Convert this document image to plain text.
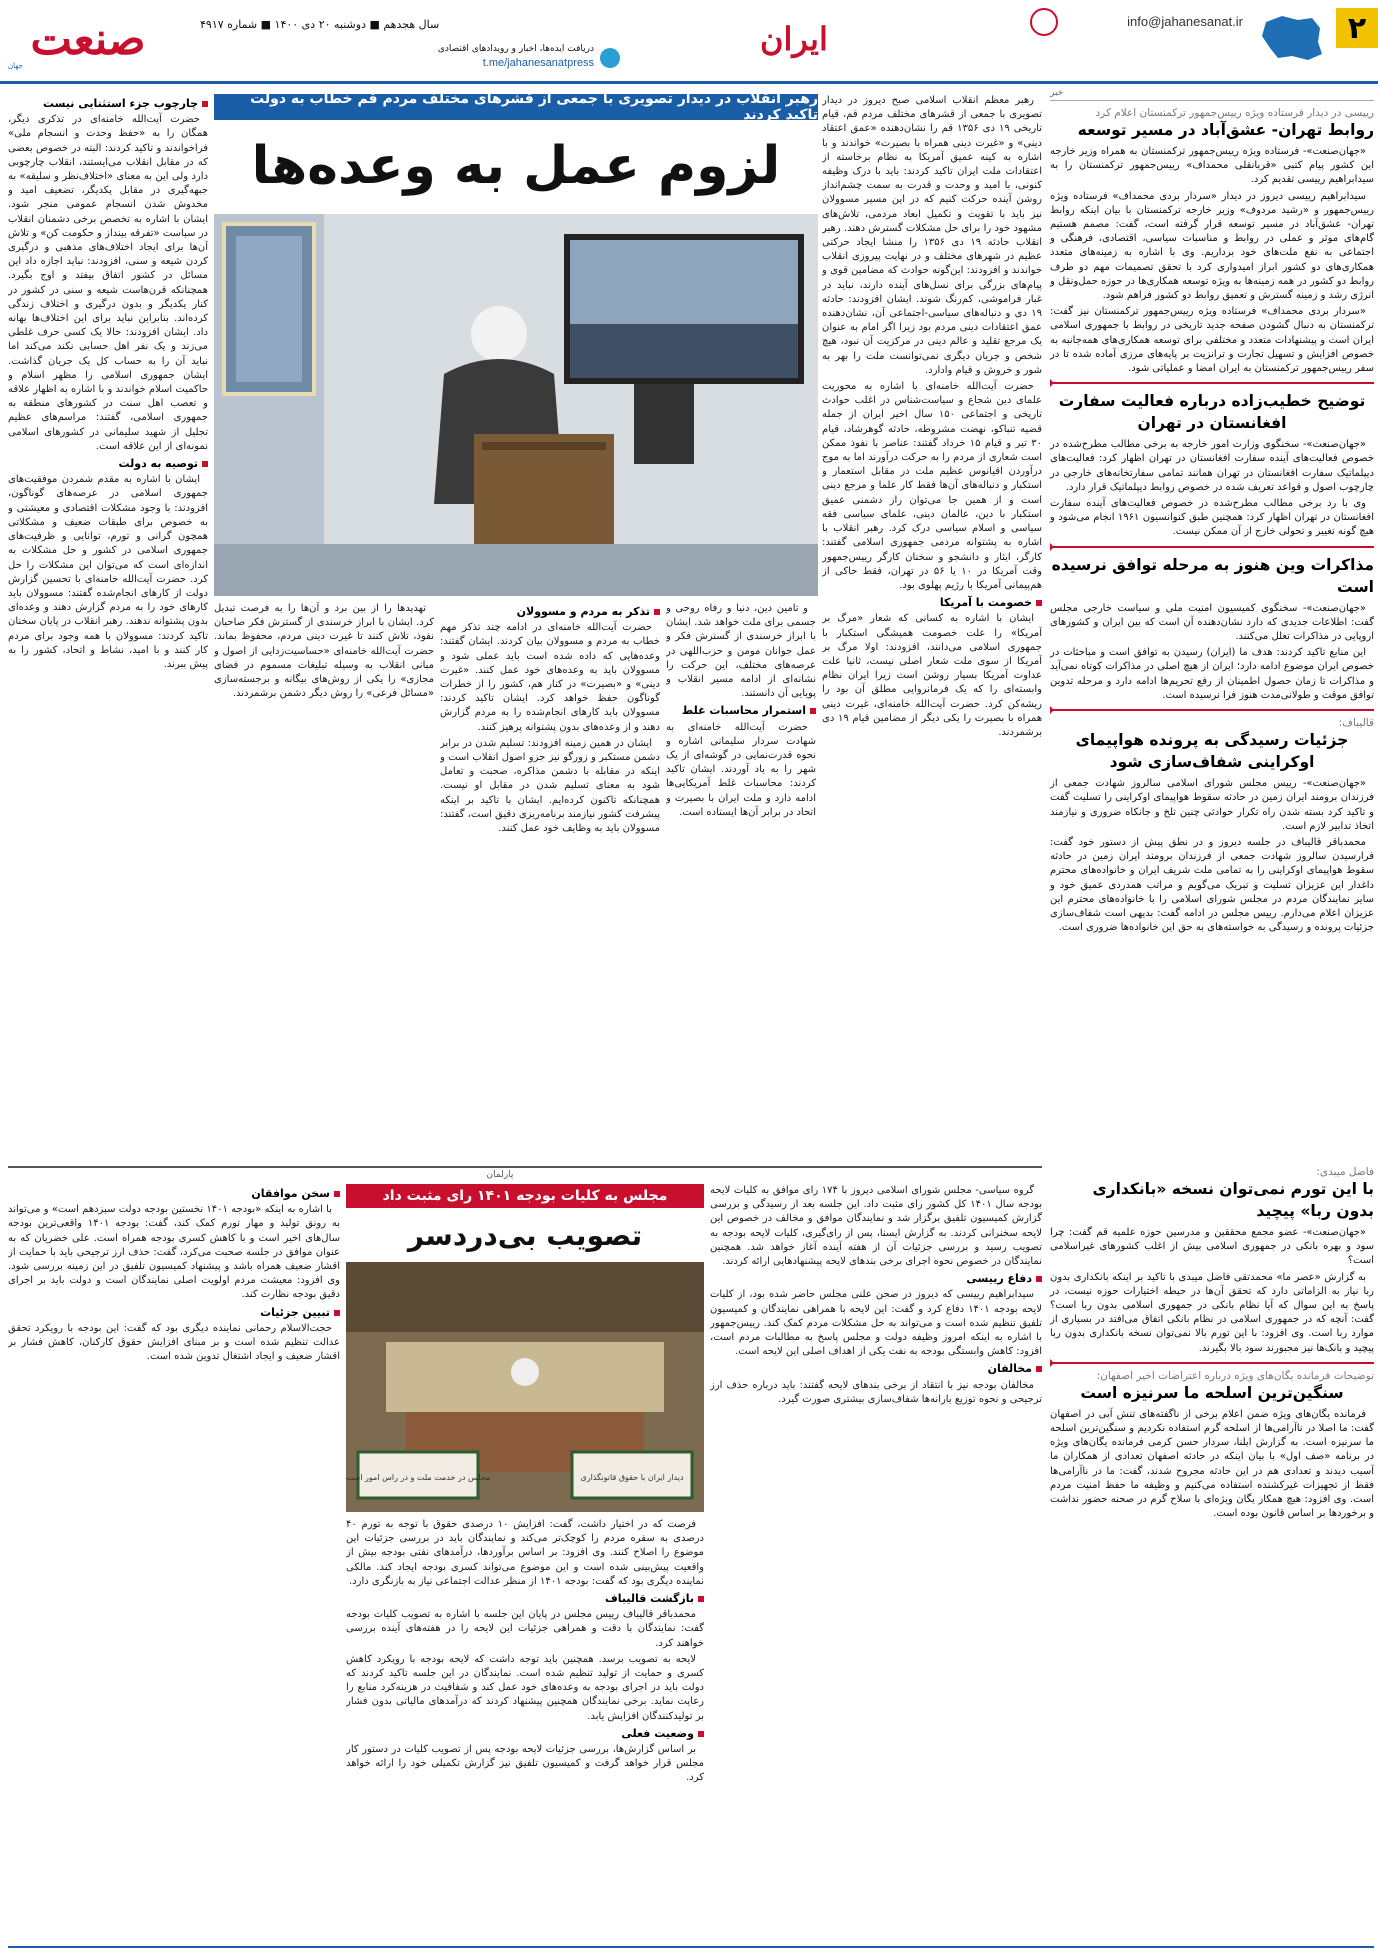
۲
info@jahanesanat.ir
ایران
دریافت ایده‌ها، اخبار و رویدادهای اقتصادی
t.me/jahanesanatpress
سال هجدهم ■ دوشنبه ۲۰ دی ۱۴۰۰ ■ شماره ۴۹۱۷
صنعت
جهان
خبر
رییسی در دیدار فرستاده ویژه رییس‌جمهور ترکمنستان اعلام کرد
روابط تهران- عشق‌آباد در مسیر توسعه

«جهان‌صنعت»- فرستاده ویژه رییس‌جمهور ترکمنستان به همراه وزیر خارجه این کشور پیام کتبی «قربانقلی محمداف» رییس‌جمهور ترکمنستان را به سیدابراهیم رییسی تقدیم کرد.

سیدابراهیم رییسی دیروز در دیدار «سردار بردی محمداف» فرستاده ویژه رییس‌جمهور و «رشید مردوف» وزیر خارجه ترکمنستان با بیان اینکه روابط تهران- عشق‌آباد در مسیر توسعه قرار گرفته است، گفت: مصمم هستیم گام‌های موثر و عملی در روابط و مناسبات سیاسی، اقتصادی، فرهنگی و اجتماعی به نفع ملت‌های خود برداریم. وی با اشاره به زمینه‌های متعدد همکاری‌های دو کشور ابراز امیدواری کرد با تحقق تصمیمات مهم دو طرف روابط دو کشور در همه زمینه‌ها به ویژه توسعه همکاری‌ها در حوزه حمل‌ونقل و انرژی رشد و زمینه گسترش و تعمیق روابط دو کشور فراهم شود.

«سردار بردی محمداف» فرستاده ویژه رییس‌جمهور ترکمنستان نیز گفت: ترکمنستان به دنبال گشودن صفحه جدید تاریخی در روابط با جمهوری اسلامی ایران است و پیشنهادات متعدد و مختلفی برای توسعه همکاری‌های همه‌جانبه به خصوص افزایش و تسهیل تجارت و ترانزیت بر پایه‌های مرزی آماده شده تا در سفر رییس‌جمهور ترکمنستان به ایران امضا و عملیاتی شود.

توضیح خطیب‌زاده درباره فعالیت سفارت افغانستان در تهران

«جهان‌صنعت»- سخنگوی وزارت امور خارجه به برخی مطالب مطرح‌شده در خصوص فعالیت‌های آینده سفارت افغانستان در تهران اظهار کرد: فعالیت‌های دیپلماتیک سفارت افغانستان در تهران همانند تمامی سفارتخانه‌های خارجی در چارچوب اصول و قواعد تعریف شده در خصوص روابط دیپلماتیک قرار دارد.

وی با رد برخی مطالب مطرح‌شده در خصوص فعالیت‌های آینده سفارت افغانستان در تهران اظهار کرد: همچنین طبق کنوانسیون ۱۹۶۱ انجام می‌شود و هیچ گونه تغییر و تحولی خارج از آن ممکن نیست.

مذاکرات وین هنوز به مرحله توافق نرسیده است

«جهان‌صنعت»- سخنگوی کمیسیون امنیت ملی و سیاست خارجی مجلس گفت: اطلاعات جدیدی که دارد نشان‌دهنده آن است که بین ایران و کشورهای اروپایی در مذاکرات تعلل می‌کنند.

این منابع تاکید کردند: هدف ما (ایران) رسیدن به توافق است و مباحثات در خصوص ایران موضوع ادامه دارد؛ ایران از هیچ اصلی در مذاکرات کوتاه نمی‌آید و مذاکرات تا زمان حصول اطمینان از رفع تحریم‌ها ادامه دارد و مرحله تدوین توافق موقت و طولانی‌مدت هنوز فرا نرسیده است.

قالیباف:
جزئیات رسیدگی به پرونده هواپیمای اوکراینی شفاف‌سازی شود

«جهان‌صنعت»- رییس مجلس شورای اسلامی سالروز شهادت جمعی از فرزندان برومند ایران زمین در حادثه سقوط هواپیمای اوکراینی را تسلیت گفت و تاکید کرد بسته شدن راه تکرار حوادثی چنین تلخ و جانکاه ضروری و نیازمند اتخاذ تدابیر لازم است.

محمدباقر قالیباف در جلسه دیروز و در نطق پیش از دستور خود گفت: فرارسیدن سالروز شهادت جمعی از فرزندان برومند ایران زمین در حادثه سقوط هواپیمای اوکراینی را به تمامی ملت شریف ایران و خانواده‌های محترم داغدار این عزیزان تسلیت و تبریک می‌گویم و مراتب همدردی عمیق خود و سایر نمایندگان مردم در مجلس شورای اسلامی را با خانواده‌های محترم این عزیزان اعلام می‌دارم. رییس مجلس در ادامه گفت: بدیهی است شفاف‌سازی جزئیات پرونده و رسیدگی به خواسته‌های به حق این خانواده‌ها ضروری است.

فاضل میبدی:
با این تورم نمی‌توان نسخه «بانکداری بدون ربا» پیچید

«جهان‌صنعت»- عضو مجمع محققین و مدرسین حوزه علمیه قم گفت: چرا سود و بهره بانکی در جمهوری اسلامی بیش از اغلب کشورهای غیراسلامی است؟

به گزارش «عصر ما» محمدتقی فاضل میبدی با تاکید بر اینکه بانکداری بدون ربا نیاز به الزاماتی دارد که تحقق آن‌ها در حیطه اختیارات حوزه نیست، در پاسخ به این سوال که آیا نظام بانکی در جمهوری اسلامی بدون ربا است؟ گفت: آنچه که در جمهوری اسلامی در نظام بانکی اتفاق می‌افتد در بسیاری از موارد ربا است. وی افزود: با این تورم بالا نمی‌توان نسخه بانکداری بدون ربا پیچید و بانک‌ها نیز مجبورند سود بالا بگیرند.

توضیحات فرمانده یگان‌های ویژه درباره اعتراضات اخیر اصفهان:
سنگین‌ترین اسلحه ما سرنیزه است

فرمانده یگان‌های ویژه ضمن اعلام برخی از ناگفته‌های تنش آبی در اصفهان گفت: ما اصلا در ناآرامی‌ها از اسلحه گرم استفاده نکردیم و سنگین‌ترین اسلحه ما سرنیزه است. به گزارش ایلنا، سردار حسن کرمی فرمانده یگان‌های ویژه در برنامه «صف اول» با بیان اینکه در حادثه اصفهان تعدادی از همکاران ما آسیب دیدند و تعدادی هم در این حادثه مجروح شدند، گفت: ما در ناآرامی‌ها فقط از تجهیزات غیرکشنده استفاده می‌کنیم و وظیفه ما حفظ امنیت مردم است. وی افزود: هیچ همکار یگان ویژه‌ای با سلاح گرم در صحنه حضور نداشت و برخوردها بر اساس قانون بوده است.

رهبر انقلاب در دیدار تصویری با جمعی از قشرهای مختلف مردم قم خطاب به دولت تاکید کردند
لزوم عمل به وعده‌ها

رهبر معظم انقلاب اسلامی صبح دیروز در دیدار تصویری با جمعی از قشرهای مختلف مردم قم، قیام تاریخی ۱۹ دی ۱۳۵۶ قم را نشان‌دهنده «عمق اعتقاد دینی» و «غیرت دینی همراه با بصیرت» خواندند و با اشاره به کینه عمیق آمریکا به نظام برخاسته از اعتقادات ملت ایران تاکید کردند: باید با درک وظیفه کنونی، با امید و وحدت و قدرت به سمت چشم‌انداز روشن آینده حرکت کنیم که در این مسیر مسوولان نیز باید با تقویت و تکمیل ابعاد مردمی، تلاش‌های مشهود خود را برای حل مشکلات گسترش دهند. رهبر انقلاب حادثه ۱۹ دی ۱۳۵۶ را منشا ایجاد حرکتی عظیم در شهرهای مختلف و در نهایت پیروزی انقلاب خواندند و افزودند: این‌گونه حوادث که مضامین قوی و پیام‌های بزرگی برای نسل‌های آینده دارند، نباید در غبار فراموشی، کم‌رنگ شوند. ایشان افزودند: حادثه ۱۹ دی و دنباله‌های سیاسی-اجتماعی آن، نشان‌دهنده عمق اعتقادات دینی مردم بود زیرا اگر امام به عنوان یک مرجع تقلید و عالم دینی در مرکزیت آن نبود، هیچ شخص و جریان دیگری نمی‌توانست ملت را بهر به شور و خروش و قیام وادارد.

حضرت آیت‌الله خامنه‌ای با اشاره به محوریت علمای دین شجاع و سیاست‌شناس در اغلب حوادث تاریخی و اجتماعی ۱۵۰ سال اخیر ایران از جمله قضیه تنباکو، نهضت مشروطه، حادثه گوهرشاد، قیام ۳۰ تیر و قیام ۱۵ خرداد گفتند: عناصر با نفوذ ممکن است شعاری از مردم را به حرکت درآورند اما به موج درآوردن اقیانوس عظیم ملت در مقابل استعمار و استکبار و دنباله‌های آن‌ها فقط کار علما و مرجع دینی است و از همین جا می‌توان راز دشمنی عمیق استکبار با دین، عالمان دینی، علمای سیاسی فقه سیاسی و اسلام سیاسی درک کرد. رهبر انقلاب با اشاره به پشتوانه مردمی جمهوری اسلامی گفتند: کارگر، ایثار و دانشجو و سخنان کارگر رییس‌جمهور وقت آمریکا در ۱۰ یا ۵۶ در تهران، فقط حاکی از هم‌پیمانی آمریکا با رژیم پهلوی بود.

خصومت با آمریکا

ایشان با اشاره به کسانی که شعار «مرگ بر آمریکا» را علت خصومت همیشگی استکبار با جمهوری اسلامی می‌دانند، افزودند: اولا مرگ بر آمریکا از سوی ملت شعار اصلی نیست، ثانیا علت عداوت آمریکا بسیار روشن است زیرا ایران نظام وابسته‌ای را که یک فرمانروایی مطلق آن بود را ریشه‌کن کرد. حضرت آیت‌الله خامنه‌ای، غیرت دینی همراه با بصیرت را یکی دیگر از مضامین قیام ۱۹ دی برشمردند.

و تامین دین، دنیا و رفاه روحی و جسمی برای ملت خواهد شد. ایشان با ابراز خرسندی از گسترش فکر و عمل جوانان مومن و حزب‌اللهی در عرصه‌های مختلف، این حرکت را نشانه‌ای از ادامه مسیر انقلاب و پویایی آن دانستند.

استمرار محاسبات غلط

حضرت آیت‌الله خامنه‌ای به شهادت سردار سلیمانی اشاره و نحوه قدرت‌نمایی در گوشه‌ای از یک شهر را به یاد آوردند. ایشان تاکید کردند: محاسبات غلط آمریکایی‌ها ادامه دارد و ملت ایران با بصیرت و اتحاد در برابر آن‌ها ایستاده است.

تذکر به مردم و مسوولان

حضرت آیت‌الله خامنه‌ای در ادامه چند تذکر مهم خطاب به مردم و مسوولان بیان کردند. ایشان گفتند: وعده‌هایی که داده شده است باید عملی شود و مسوولان باید به وعده‌های خود عمل کنند. «غیرت دینی» و «بصیرت» در کنار هم، کشور را از خطرات گوناگون حفظ خواهد کرد. ایشان تاکید کردند: مسوولان باید کارهای انجام‌شده را به مردم گزارش دهند و از وعده‌های بدون پشتوانه پرهیز کنند.

ایشان در همین زمینه افزودند: تسلیم شدن در برابر دشمن مستکبر و زورگو نیز جزو اصول انقلاب است و اینکه در مقابله با دشمن مذاکره، صحبت و تعامل شود به معنای تسلیم شدن در مقابل او نیست. همچنانکه تاکنون کرده‌ایم. ایشان با تاکید بر اینکه پیشرفت کشور نیازمند برنامه‌ریزی دقیق است، گفتند: مسوولان باید به وظایف خود عمل کنند.

تهدیدها را از بین برد و آن‌ها را به فرصت تبدیل کرد. ایشان با ابراز خرسندی از گسترش فکر صاحبان نفوذ، تلاش کنند تا غیرت دینی مردم، محفوظ بماند. حضرت آیت‌الله خامنه‌ای «حساسیت‌زدایی از اصول و مبانی انقلاب به وسیله تبلیغات مسموم در فضای مجازی» را یکی از روش‌های بیگانه و برجسته‌سازی «مسائل فرعی» را روش دیگر دشمن برشمردند.

چارچوب جزء استثنایی نیست

حضرت آیت‌الله خامنه‌ای در تذکری دیگر، همگان را به «حفظ وحدت و انسجام ملی» فراخواندند و تاکید کردند: البته در خصوص بعضی که در مقابل انقلاب می‌ایستند، انقلاب چارچوبی دارد ولی این به معنای «اختلاف‌نظر و سلیقه» به جبهه‌گیری در مقابل یکدیگر، تضعیف امید و مخدوش شدن انسجام عمومی منجر شود. ایشان با اشاره به تخصص برخی دشمنان انقلاب در سیاست «تفرقه بینداز و حکومت کن» و تلاش آن‌ها برای ایجاد اختلاف‌های مذهبی و درگیری کردن شیعه و سنی، افزودند: نباید اجازه داد این مسائل در کشور اتفاق بیفتد و اوج بگیرد. همچنانکه قرن‌هاست شیعه و سنی در کشور در کنار یکدیگر و بدون درگیری و اختلاف زندگی کرده‌اند. بنابراین نباید برای این اختلاف‌ها بهانه داد. ایشان افزودند: حالا یک کسی حرف غلطی می‌زند و یک نفر اهل حسابی نکند می‌کند اما نباید آن را به حساب کل یک جریان گذاشت. ایشان جمهوری اسلامی را مظهر اسلام و حاکمیت اسلام خواندند و با اشاره به اظهار علاقه و تعصب اهل سنت در کشورهای منطقه به جمهوری اسلامی، گفتند: مراسم‌های عظیم تجلیل از شهید سلیمانی در کشورهای اسلامی نمونه‌ای از این علاقه است.

توصیه به دولت

ایشان با اشاره به مقدم شمردن موفقیت‌های جمهوری اسلامی در عرصه‌های گوناگون، افزودند: با وجود مشکلات اقتصادی و معیشتی و به خصوص برای طبقات ضعیف و مشکلاتی همچون گرانی و تورم، توانایی و ظرفیت‌های جمهوری اسلامی در کشور و حل مشکلات به اندازه‌ای است که می‌توان این مشکلات را حل کرد. حضرت آیت‌الله خامنه‌ای با تحسین گزارش دولت از کارهای انجام‌شده گفتند: مسوولان باید کارهای خود را به مردم گزارش دهند و وعده‌ای بدون پشتوانه ندهند. رهبر انقلاب در پایان سخنان تاکید کردند: مسوولان با همه وجود برای مردم کار کنند و با امید، نشاط و اتحاد، کشور را به پیش ببرند.

پارلمان
مجلس به کلیات بودجه ۱۴۰۱ رای مثبت داد
تصویب بی‌دردسر
مجلس در خدمت ملت و در راس امور است	دیدار ایران با حقوق قانونگذاری

گروه سیاسی- مجلس شورای اسلامی دیروز با ۱۷۴ رای موافق به کلیات لایحه بودجه سال ۱۴۰۱ کل کشور رای مثبت داد. این جلسه بعد از رسیدگی و بررسی گزارش کمیسیون تلفیق برگزار شد و نمایندگان موافق و مخالف در خصوص این لایحه سخنرانی کردند. به گزارش ایسنا، پس از رای‌گیری، کلیات لایحه بودجه به تصویب رسید و بررسی جزئیات آن از هفته آینده آغاز خواهد شد. همچنین نمایندگان در خصوص نحوه اجرای برخی بندهای لایحه پیشنهادهایی ارائه کردند.

دفاع رییسی

سیدابراهیم رییسی که دیروز در صحن علنی مجلس حاضر شده بود، از کلیات لایحه بودجه ۱۴۰۱ دفاع کرد و گفت: این لایحه با همراهی نمایندگان و کمیسیون تلفیق تنظیم شده است و می‌تواند به حل مشکلات مردم کمک کند. رییس‌جمهور با اشاره به اینکه امروز وظیفه دولت و مجلس پاسخ به مطالبات مردم است، افزود: کاهش وابستگی بودجه به نفت یکی از اهداف اصلی این لایحه است.

مخالفان

مخالفان بودجه نیز با انتقاد از برخی بندهای لایحه گفتند: باید درباره حذف ارز ترجیحی و نحوه توزیع یارانه‌ها شفاف‌سازی بیشتری صورت گیرد.

فرصت که در اختیار داشت، گفت: افزایش ۱۰ درصدی حقوق با توجه به تورم ۴۰ درصدی به سفره مردم را کوچک‌تر می‌کند و نمایندگان باید در بررسی جزئیات این موضوع را اصلاح کنند. وی افزود: بر اساس برآوردها، درآمدهای نفتی بودجه بیش از واقعیت پیش‌بینی شده است و این موضوع می‌تواند کسری بودجه ایجاد کند. مالکی نماینده دیگری بود که گفت: بودجه ۱۴۰۱ از منظر عدالت اجتماعی نیاز به بازنگری دارد.

بازگشت قالیباف

محمدباقر قالیباف رییس مجلس در پایان این جلسه با اشاره به تصویب کلیات بودجه گفت: نمایندگان با دقت و همراهی جزئیات این لایحه را در هفته‌های آینده بررسی خواهند کرد.

لایحه به تصویب برسد. همچنین باید توجه داشت که لایحه بودجه با رویکرد کاهش کسری و حمایت از تولید تنظیم شده است. نمایندگان در این جلسه تاکید کردند که دولت باید در اجرای بودجه به وعده‌های خود عمل کند و شفافیت در هزینه‌کرد منابع را رعایت نماید. برخی نمایندگان همچنین پیشنهاد کردند که درآمدهای مالیاتی بدون فشار بر تولیدکنندگان افزایش یابد.

وضعیت فعلی

بر اساس گزارش‌ها، بررسی جزئیات لایحه بودجه پس از تصویب کلیات در دستور کار مجلس قرار خواهد گرفت و کمیسیون تلفیق نیز گزارش تکمیلی خود را ارائه خواهد کرد.

سخن موافقان

با اشاره به اینکه «بودجه ۱۴۰۱ نخستین بودجه دولت سیزدهم است» و می‌تواند به رونق تولید و مهار تورم کمک کند، گفت: بودجه ۱۴۰۱ واقعی‌ترین بودجه سال‌های اخیر است و با کاهش کسری بودجه همراه است. علی خضریان که به عنوان موافق در جلسه صحبت می‌کرد، گفت: حذف ارز ترجیحی باید با حمایت از اقشار ضعیف همراه باشد و پیشنهاد کمیسیون تلفیق در این زمینه بررسی شود. وی افزود: معیشت مردم اولویت اصلی نمایندگان است و دولت باید بر اجرای دقیق بودجه نظارت کند.

تبیین جزئیات

حجت‌الاسلام رحمانی نماینده دیگری بود که گفت: این بودجه با رویکرد تحقق عدالت تنظیم شده است و بر مبنای افزایش حقوق کارکنان، کاهش فشار بر اقشار ضعیف و ایجاد اشتغال تدوین شده است.
